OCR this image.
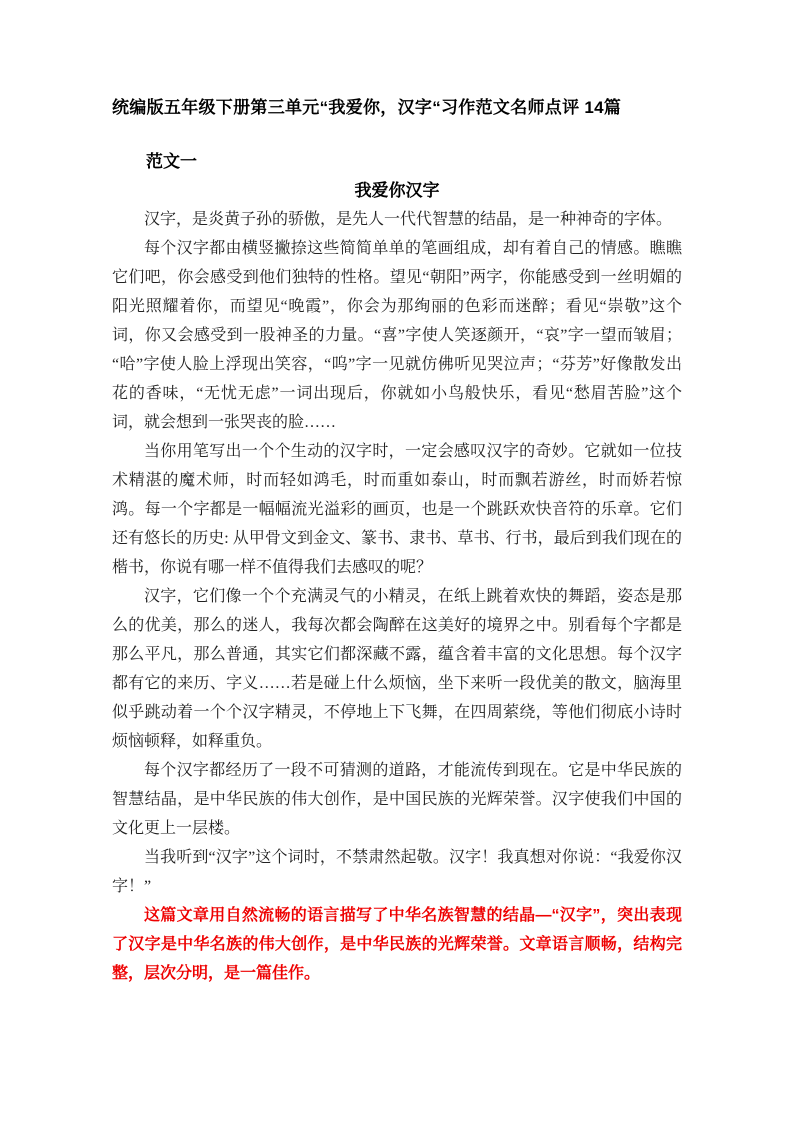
统编版五年级下册第三单元“我爱你，汉字“习作范文名师点评 14篇
范文一
我爱你汉字

汉字，是炎黄子孙的骄傲，是先人一代代智慧的结晶，是一种神奇的字体。

每个汉字都由横竖撇捺这些简简单单的笔画组成，却有着自己的情感。瞧瞧它们吧，你会感受到他们独特的性格。望见“朝阳”两字，你能感受到一丝明媚的阳光照耀着你，而望见“晚霞”，你会为那绚丽的色彩而迷醉；看见“崇敬”这个词，你又会感受到一股神圣的力量。“喜”字使人笑逐颜开，“哀”字一望而皱眉；“哈”字使人脸上浮现出笑容，“呜”字一见就仿佛听见哭泣声；“芬芳”好像散发出花的香味，“无忧无虑”一词出现后，你就如小鸟般快乐，看见“愁眉苦脸”这个词，就会想到一张哭丧的脸……

当你用笔写出一个个生动的汉字时，一定会感叹汉字的奇妙。它就如一位技术精湛的魔术师，时而轻如鸿毛，时而重如泰山，时而飘若游丝，时而娇若惊鸿。每一个字都是一幅幅流光溢彩的画页，也是一个跳跃欢快音符的乐章。它们还有悠长的历史: 从甲骨文到金文、篆书、隶书、草书、行书，最后到我们现在的楷书，你说有哪一样不值得我们去感叹的呢？

汉字，它们像一个个充满灵气的小精灵，在纸上跳着欢快的舞蹈，姿态是那么的优美，那么的迷人，我每次都会陶醉在这美好的境界之中。别看每个字都是那么平凡，那么普通，其实它们都深藏不露，蕴含着丰富的文化思想。每个汉字都有它的来历、字义……若是碰上什么烦恼，坐下来听一段优美的散文，脑海里似乎跳动着一个个汉字精灵，不停地上下飞舞，在四周萦绕，等他们彻底小诗时烦恼顿释，如释重负。

每个汉字都经历了一段不可猜测的道路，才能流传到现在。它是中华民族的智慧结晶，是中华民族的伟大创作，是中国民族的光辉荣誉。汉字使我们中国的文化更上一层楼。

当我听到“汉字”这个词时，不禁肃然起敬。汉字！我真想对你说：“我爱你汉字！”

这篇文章用自然流畅的语言描写了中华名族智慧的结晶—“汉字”，突出表现了汉字是中华名族的伟大创作，是中华民族的光辉荣誉。文章语言顺畅，结构完整，层次分明，是一篇佳作。
